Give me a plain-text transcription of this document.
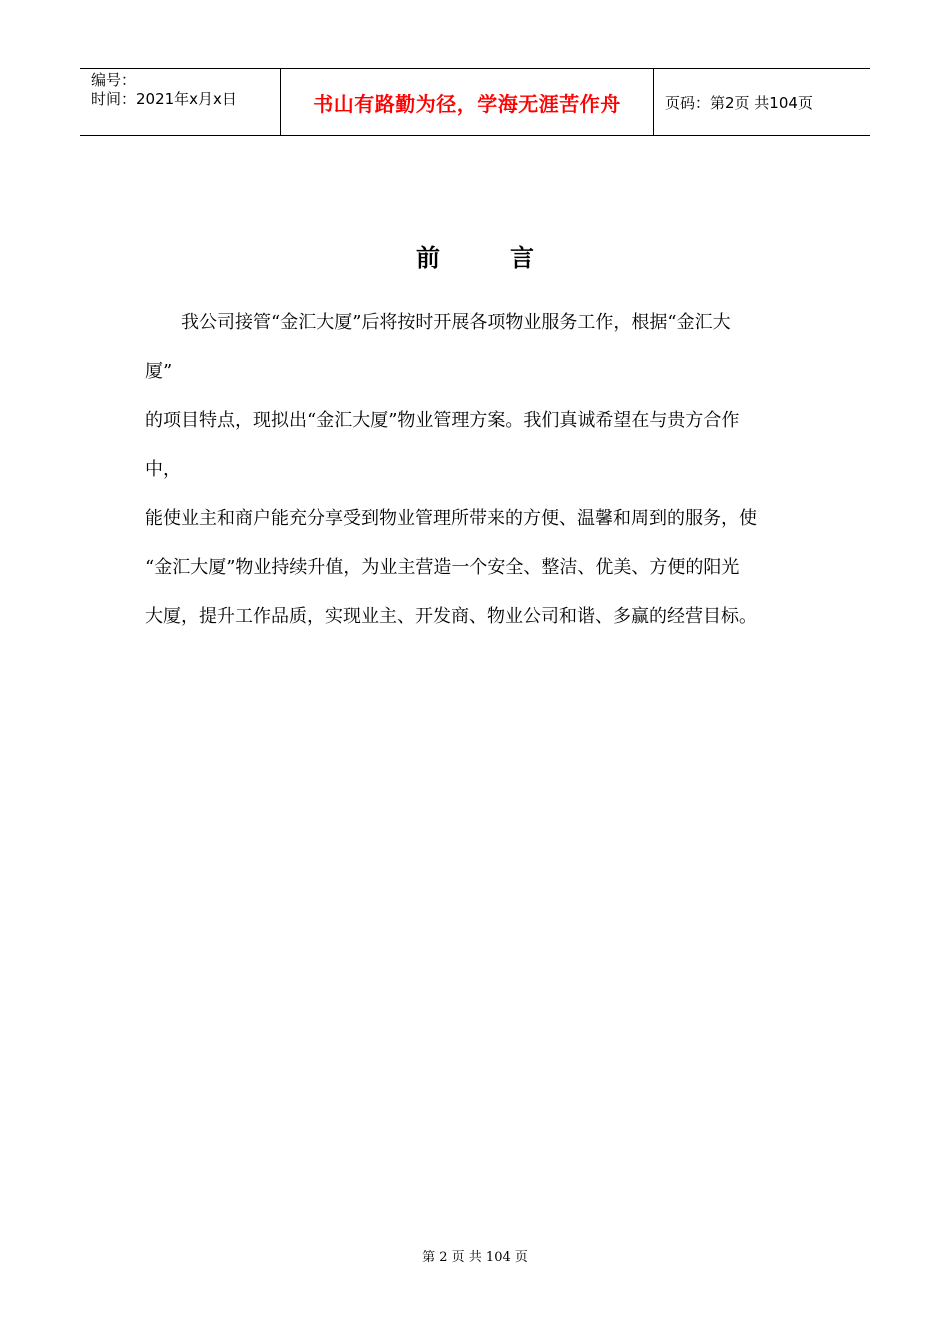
编号：
时间：2021年x月x日	书山有路勤为径，学海无涯苦作舟	页码：第2页 共104页
前言

我公司接管“金汇大厦”后将按时开展各项物业服务工作，根据“金汇大

厦”

的项目特点，现拟出“金汇大厦”物业管理方案。我们真诚希望在与贵方合作

中，

能使业主和商户能充分享受到物业管理所带来的方便、温馨和周到的服务，使

“金汇大厦”物业持续升值，为业主营造一个安全、整洁、优美、方便的阳光

大厦，提升工作品质，实现业主、开发商、物业公司和谐、多赢的经营目标。

第 2 页 共 104 页
